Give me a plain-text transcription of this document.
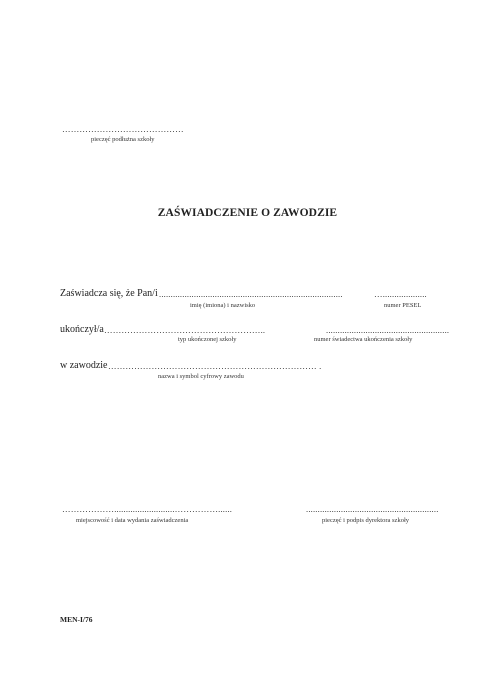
……………………………………
pieczęć podłużna szkoły
ZAŚWIADCZENIE O ZAWODZIE
Zaświadcza się, że Pan/i ...............................................................................
imię (imiona) i nazwisko
…...................
numer PESEL
ukończył/a ………………………………………………..
typ ukończonej szkoły
.....................................................
numer świadectwa ukończenia szkoły
w zawodzie ……………………………………………………………… .
nazwa i symbol cyfrowy zawodu
………………..........................……………......
miejscowość i data wydania zaświadczenia
.........................................................
pieczęć i podpis dyrektora szkoły
MEN-I/76
